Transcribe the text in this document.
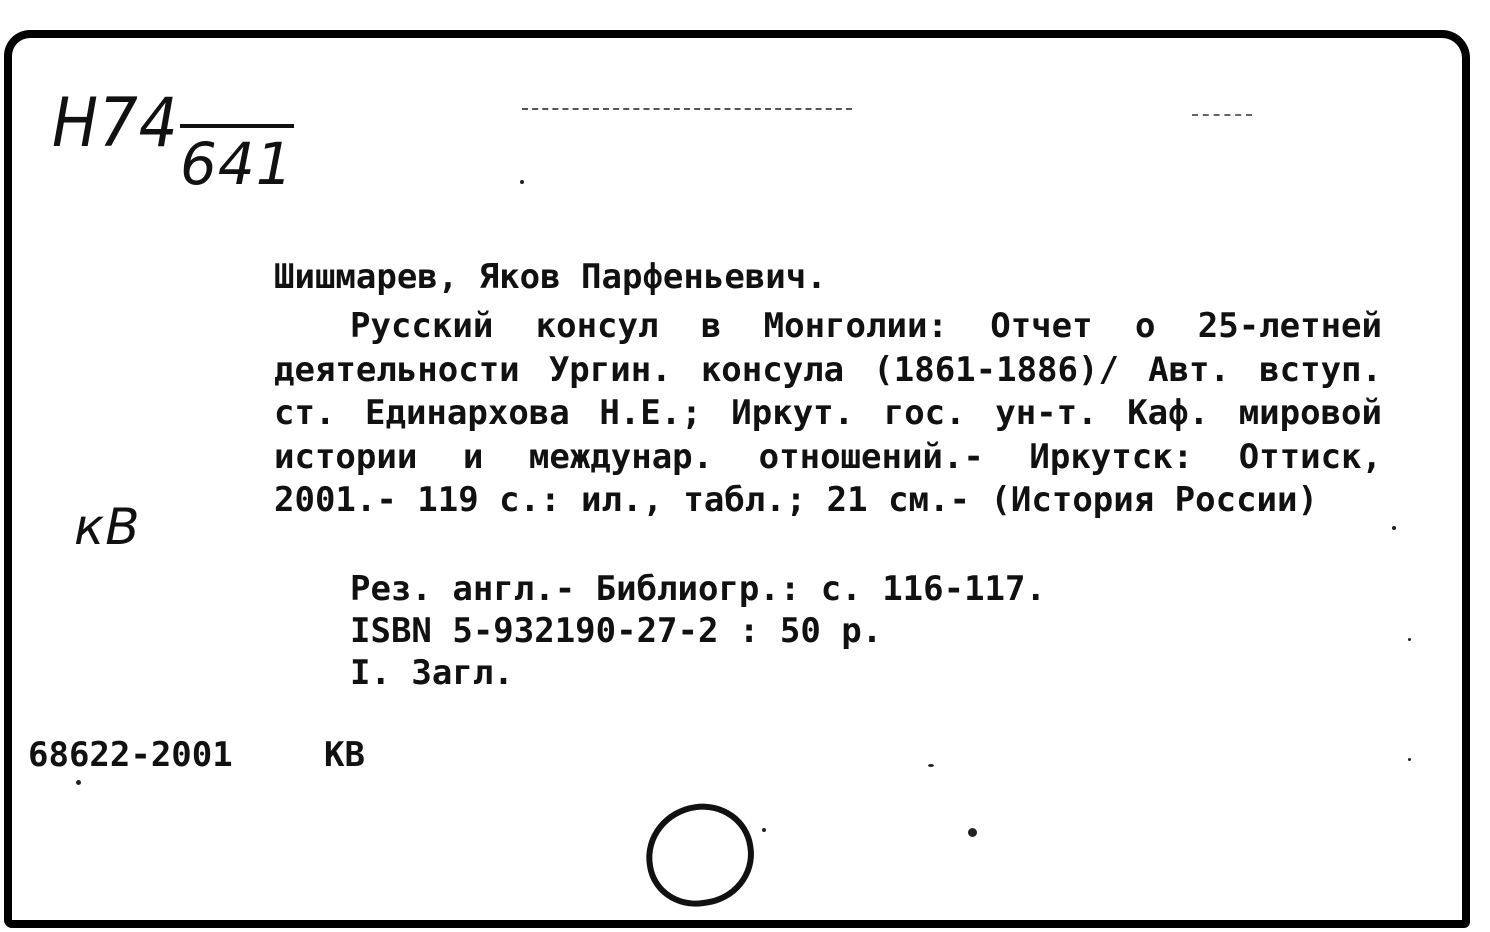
Н74
641
Шишмарев, Яков Парфеньевич.

Русский консул в Монголии: Отчет о 25-летней деятельности Ургин. консула (1861-1886)/ Авт. вступ. ст. Единархова Н.Е.; Иркут. гос. ун-т. Каф. мировой истории и междунар. отношений.- Иркутск: Оттиск, 2001.- 119 с.: ил., табл.; 21 см.- (История России)

кВ
Рез. англ.- Библиогр.: с. 116-117.
ISBN 5-932190-27-2 : 50 р.
I. Загл.
68622-2001	КВ
